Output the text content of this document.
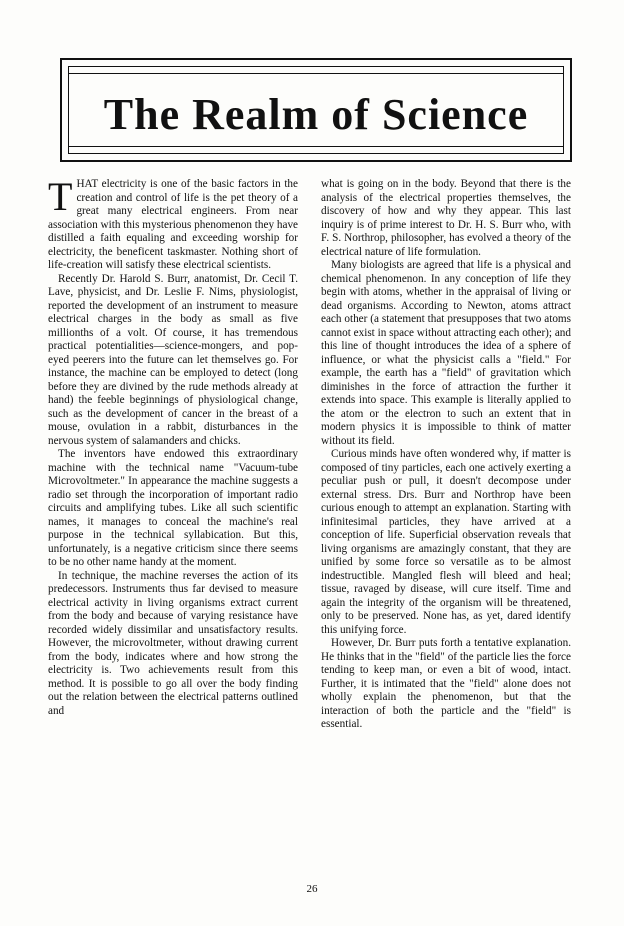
The Realm of Science

THAT electricity is one of the basic factors in the creation and control of life is the pet theory of a great many electrical engineers. From near association with this mysterious phenomenon they have distilled a faith equaling and exceeding worship for electricity, the beneficent taskmaster. Nothing short of life-creation will satisfy these electrical scientists.

Recently Dr. Harold S. Burr, anatomist, Dr. Cecil T. Lave, physicist, and Dr. Leslie F. Nims, physiologist, reported the development of an instrument to measure electrical charges in the body as small as five millionths of a volt. Of course, it has tremendous practical potentialities—science-mongers, and pop-eyed peerers into the future can let themselves go. For instance, the machine can be employed to detect (long before they are divined by the rude methods already at hand) the feeble beginnings of physiological change, such as the development of cancer in the breast of a mouse, ovulation in a rabbit, disturbances in the nervous system of salamanders and chicks.

The inventors have endowed this extraordinary machine with the technical name "Vacuum-tube Microvoltmeter." In appearance the machine suggests a radio set through the incorporation of important radio circuits and amplifying tubes. Like all such scientific names, it manages to conceal the machine's real purpose in the technical syllabication. But this, unfortunately, is a negative criticism since there seems to be no other name handy at the moment.

In technique, the machine reverses the action of its predecessors. Instruments thus far devised to measure electrical activity in living organisms extract current from the body and because of varying resistance have recorded widely dissimilar and unsatisfactory results. However, the microvoltmeter, without drawing current from the body, indicates where and how strong the electricity is. Two achievements result from this method. It is possible to go all over the body finding out the relation between the electrical patterns outlined and

what is going on in the body. Beyond that there is the analysis of the electrical properties themselves, the discovery of how and why they appear. This last inquiry is of prime interest to Dr. H. S. Burr who, with F. S. Northrop, philosopher, has evolved a theory of the electrical nature of life formulation.

Many biologists are agreed that life is a physical and chemical phenomenon. In any conception of life they begin with atoms, whether in the appraisal of living or dead organisms. According to Newton, atoms attract each other (a statement that presupposes that two atoms cannot exist in space without attracting each other); and this line of thought introduces the idea of a sphere of influence, or what the physicist calls a "field." For example, the earth has a "field" of gravitation which diminishes in the force of attraction the further it extends into space. This example is literally applied to the atom or the electron to such an extent that in modern physics it is impossible to think of matter without its field.

Curious minds have often wondered why, if matter is composed of tiny particles, each one actively exerting a peculiar push or pull, it doesn't decompose under external stress. Drs. Burr and Northrop have been curious enough to attempt an explanation. Starting with infinitesimal particles, they have arrived at a conception of life. Superficial observation reveals that living organisms are amazingly constant, that they are unified by some force so versatile as to be almost indestructible. Mangled flesh will bleed and heal; tissue, ravaged by disease, will cure itself. Time and again the integrity of the organism will be threatened, only to be preserved. None has, as yet, dared identify this unifying force.

However, Dr. Burr puts forth a tentative explanation. He thinks that in the "field" of the particle lies the force tending to keep man, or even a bit of wood, intact. Further, it is intimated that the "field" alone does not wholly explain the phenomenon, but that the interaction of both the particle and the "field" is essential.

26
